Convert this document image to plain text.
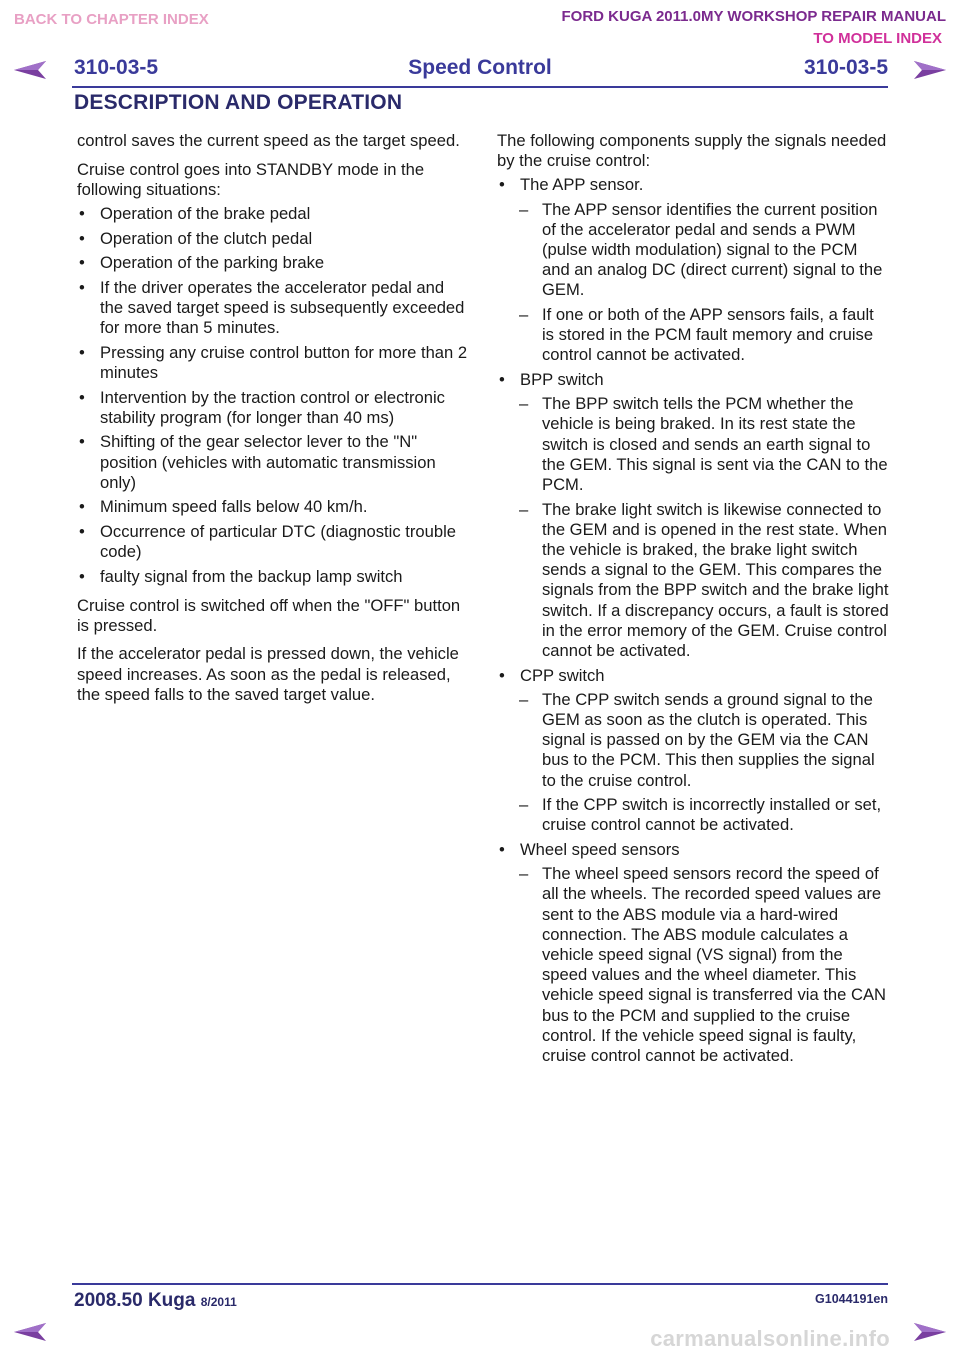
BACK TO CHAPTER INDEX	FORD KUGA 2011.0MY WORKSHOP REPAIR MANUAL
TO MODEL INDEX
310-03-5	Speed Control	310-03-5
DESCRIPTION AND OPERATION

control saves the current speed as the target speed.

Cruise control goes into STANDBY mode in the following situations:

• Operation of the brake pedal
• Operation of the clutch pedal
• Operation of the parking brake
• If the driver operates the accelerator pedal and the saved target speed is subsequently exceeded for more than 5 minutes.
• Pressing any cruise control button for more than 2 minutes
• Intervention by the traction control or electronic stability program (for longer than 40 ms)
• Shifting of the gear selector lever to the "N" position (vehicles with automatic transmission only)
• Minimum speed falls below 40 km/h.
• Occurrence of particular DTC (diagnostic trouble code)
• faulty signal from the backup lamp switch

Cruise control is switched off when the "OFF" button is pressed.

If the accelerator pedal is pressed down, the vehicle speed increases. As soon as the pedal is released, the speed falls to the saved target value.

The following components supply the signals needed by the cruise control:

• The APP sensor.
– The APP sensor identifies the current position of the accelerator pedal and sends a PWM (pulse width modulation) signal to the PCM and an analog DC (direct current) signal to the GEM.
– If one or both of the APP sensors fails, a fault is stored in the PCM fault memory and cruise control cannot be activated.
• BPP switch
– The BPP switch tells the PCM whether the vehicle is being braked. In its rest state the switch is closed and sends an earth signal to the GEM. This signal is sent via the CAN to the PCM.
– The brake light switch is likewise connected to the GEM and is opened in the rest state. When the vehicle is braked, the brake light switch sends a signal to the GEM. This compares the signals from the BPP switch and the brake light switch. If a discrepancy occurs, a fault is stored in the error memory of the GEM. Cruise control cannot be activated.
• CPP switch
– The CPP switch sends a ground signal to the GEM as soon as the clutch is operated. This signal is passed on by the GEM via the CAN bus to the PCM. This then supplies the signal to the cruise control.
– If the CPP switch is incorrectly installed or set, cruise control cannot be activated.
• Wheel speed sensors
– The wheel speed sensors record the speed of all the wheels. The recorded speed values are sent to the ABS module via a hard-wired connection. The ABS module calculates a vehicle speed signal (VS signal) from the speed values and the wheel diameter. This vehicle speed signal is transferred via the CAN bus to the PCM and supplied to the cruise control. If the vehicle speed signal is faulty, cruise control cannot be activated.
2008.50 Kuga 8/2011	G1044191en
carmanualsonline.info
